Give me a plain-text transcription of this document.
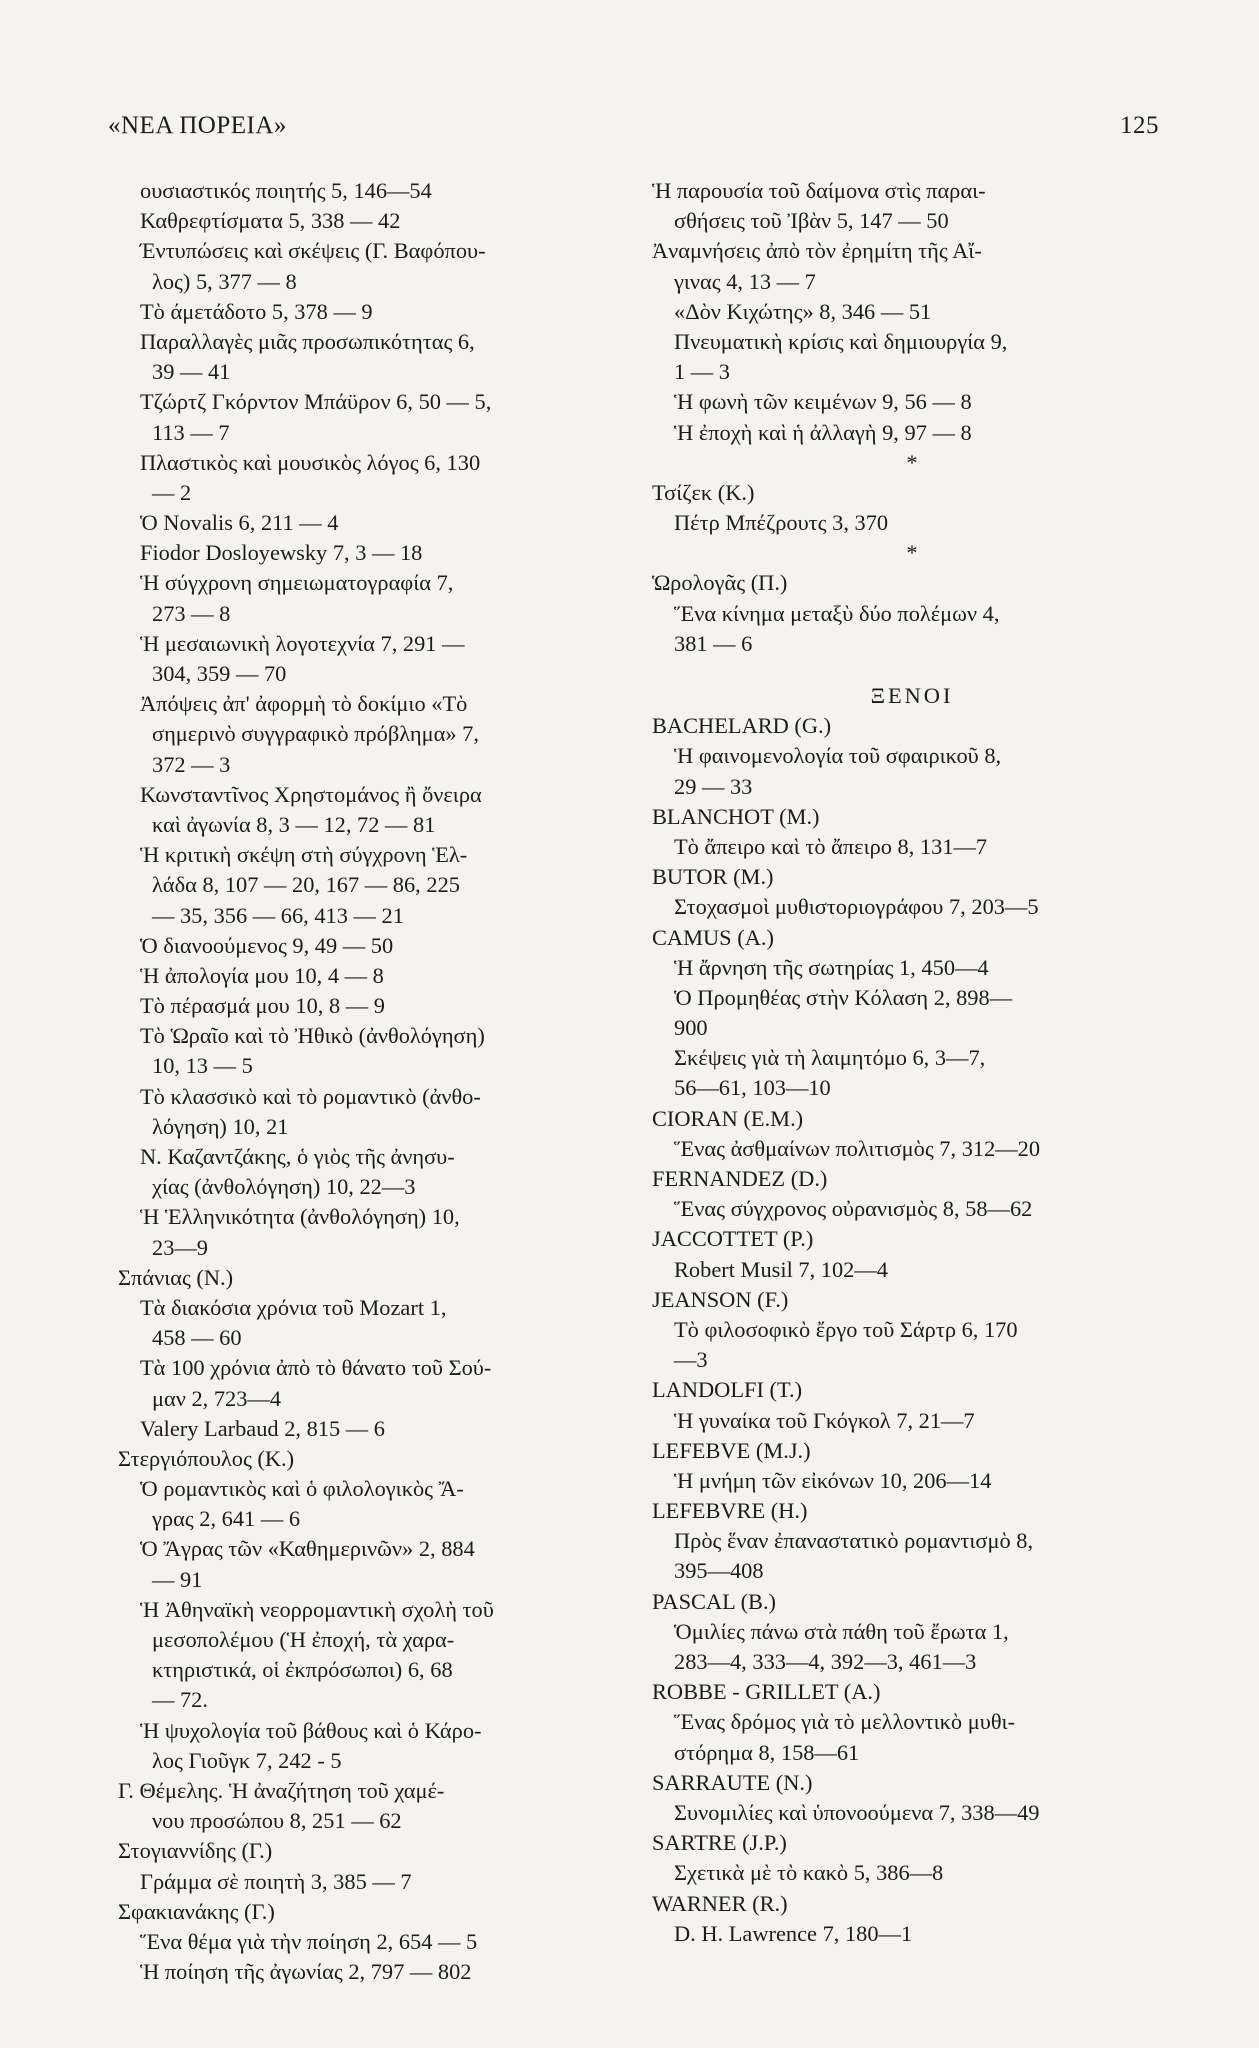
«ΝΕΑ ΠΟΡΕΙΑ»	125
ουσιαστικός ποιητής 5, 146—54
Καθρεφτίσματα 5, 338 — 42
Έντυπώσεις καὶ σκέψεις (Γ. Βαφόπου-
λος) 5, 377 — 8
Τὸ άμετάδοτο 5, 378 — 9
Παραλλαγὲς μιᾶς προσωπικότητας 6,
39 — 41
Τζώρτζ Γκόρντον Μπάϋρον 6, 50 — 5,
113 — 7
Πλαστικὸς καὶ μουσικὸς λόγος 6, 130
— 2
Ὁ Novalis 6, 211 — 4
Fiodor Dosloyewsky 7, 3 — 18
Ἡ σύγχρονη σημειωματογραφία 7,
273 — 8
Ἡ μεσαιωνικὴ λογοτεχνία 7, 291 —
304, 359 — 70
Ἀπόψεις ἀπ' ἀφορμὴ τὸ δοκίμιο «Τὸ
σημερινὸ συγγραφικὸ πρόβλημα» 7,
372 — 3
Κωνσταντῖνος Χρηστομάνος ἢ ὄνειρα
καὶ ἀγωνία 8, 3 — 12, 72 — 81
Ἡ κριτικὴ σκέψη στὴ σύγχρονη Ἑλ-
λάδα 8, 107 — 20, 167 — 86, 225
— 35, 356 — 66, 413 — 21
Ὁ διανοούμενος 9, 49 — 50
Ἡ ἀπολογία μου 10, 4 — 8
Τὸ πέρασμά μου 10, 8 — 9
Τὸ Ὡραῖο καὶ τὸ Ἠθικὸ (ἀνθολόγηση)
10, 13 — 5
Τὸ κλασσικὸ καὶ τὸ ρομαντικὸ (ἀνθο-
λόγηση) 10, 21
Ν. Καζαντζάκης, ὁ γιὸς τῆς ἀνησυ-
χίας (ἀνθολόγηση) 10, 22—3
Ἡ Ἑλληνικότητα (ἀνθολόγηση) 10,
23—9
Σπάνιας (Ν.)
Τὰ διακόσια χρόνια τοῦ Mozart 1,
458 — 60
Τὰ 100 χρόνια ἀπὸ τὸ θάνατο τοῦ Σού-
μαν 2, 723—4
Valery Larbaud 2, 815 — 6
Στεργιόπουλος (Κ.)
Ὁ ρομαντικὸς καὶ ὁ φιλολογικὸς Ἄ-
γρας 2, 641 — 6
Ὁ Ἄγρας τῶν «Καθημερινῶν» 2, 884
— 91
Ἡ Ἀθηναϊκὴ νεορρομαντικὴ σχολὴ τοῦ
μεσοπολέμου (Ἡ ἐποχή, τὰ χαρα-
κτηριστικά, οἱ ἐκπρόσωποι) 6, 68
— 72.
Ἡ ψυχολογία τοῦ βάθους καὶ ὁ Κάρο-
λος Γιοῦγκ 7, 242 - 5
Γ. Θέμελης. Ἡ ἀναζήτηση τοῦ χαμέ-
νου προσώπου 8, 251 — 62
Στογιαννίδης (Γ.)
Γράμμα σὲ ποιητὴ 3, 385 — 7
Σφακιανάκης (Γ.)
Ἕνα θέμα γιὰ τὴν ποίηση 2, 654 — 5
Ἡ ποίηση τῆς ἀγωνίας 2, 797 — 802
Ἡ παρουσία τοῦ δαίμονα στὶς παραι-
σθήσεις τοῦ Ἰβὰν 5, 147 — 50
Ἀναμνήσεις ἀπὸ τὸν ἐρημίτη τῆς Αἴ-
γινας 4, 13 — 7
«Δὸν Κιχώτης» 8, 346 — 51
Πνευματικὴ κρίσις καὶ δημιουργία 9,
1 — 3
Ἡ φωνὴ τῶν κειμένων 9, 56 — 8
Ἡ ἐποχὴ καὶ ἡ ἀλλαγὴ 9, 97 — 8
*
Τσίζεκ (Κ.)
Πέτρ Μπέζρουτς 3, 370
*
Ὡρολογᾶς (Π.)
Ἕνα κίνημα μεταξὺ δύο πολέμων 4,
381 — 6
ΞΕΝΟΙ
BACHELARD (G.)
Ἡ φαινομενολογία τοῦ σφαιρικοῦ 8,
29 — 33
BLANCHOT (M.)
Τὸ ἄπειρο καὶ τὸ ἄπειρο 8, 131—7
BUTOR (M.)
Στοχασμοὶ μυθιστοριογράφου 7, 203—5
CAMUS (A.)
Ἡ ἄρνηση τῆς σωτηρίας 1, 450—4
Ὁ Προμηθέας στὴν Κόλαση 2, 898—
900
Σκέψεις γιὰ τὴ λαιμητόμο 6, 3—7,
56—61, 103—10
CIORAN (E.M.)
Ἕνας ἀσθμαίνων πολιτισμὸς 7, 312—20
FERNANDEZ (D.)
Ἕνας σύγχρονος οὐρανισμὸς 8, 58—62
JACCOTTET (P.)
Robert Musil 7, 102—4
JEANSON (F.)
Τὸ φιλοσοφικὸ ἔργο τοῦ Σάρτρ 6, 170
—3
LANDOLFI (T.)
Ἡ γυναίκα τοῦ Γκόγκολ 7, 21—7
LEFEBVE (M.J.)
Ἡ μνήμη τῶν εἰκόνων 10, 206—14
LEFEBVRE (H.)
Πρὸς ἕναν ἐπαναστατικὸ ρομαντισμὸ 8,
395—408
PASCAL (B.)
Ὁμιλίες πάνω στὰ πάθη τοῦ ἔρωτα 1,
283—4, 333—4, 392—3, 461—3
ROBBE - GRILLET (A.)
Ἕνας δρόμος γιὰ τὸ μελλοντικὸ μυθι-
στόρημα 8, 158—61
SARRAUTE (N.)
Συνομιλίες καὶ ὑπονοούμενα 7, 338—49
SARTRE (J.P.)
Σχετικὰ μὲ τὸ κακὸ 5, 386—8
WARNER (R.)
D. H. Lawrence 7, 180—1
